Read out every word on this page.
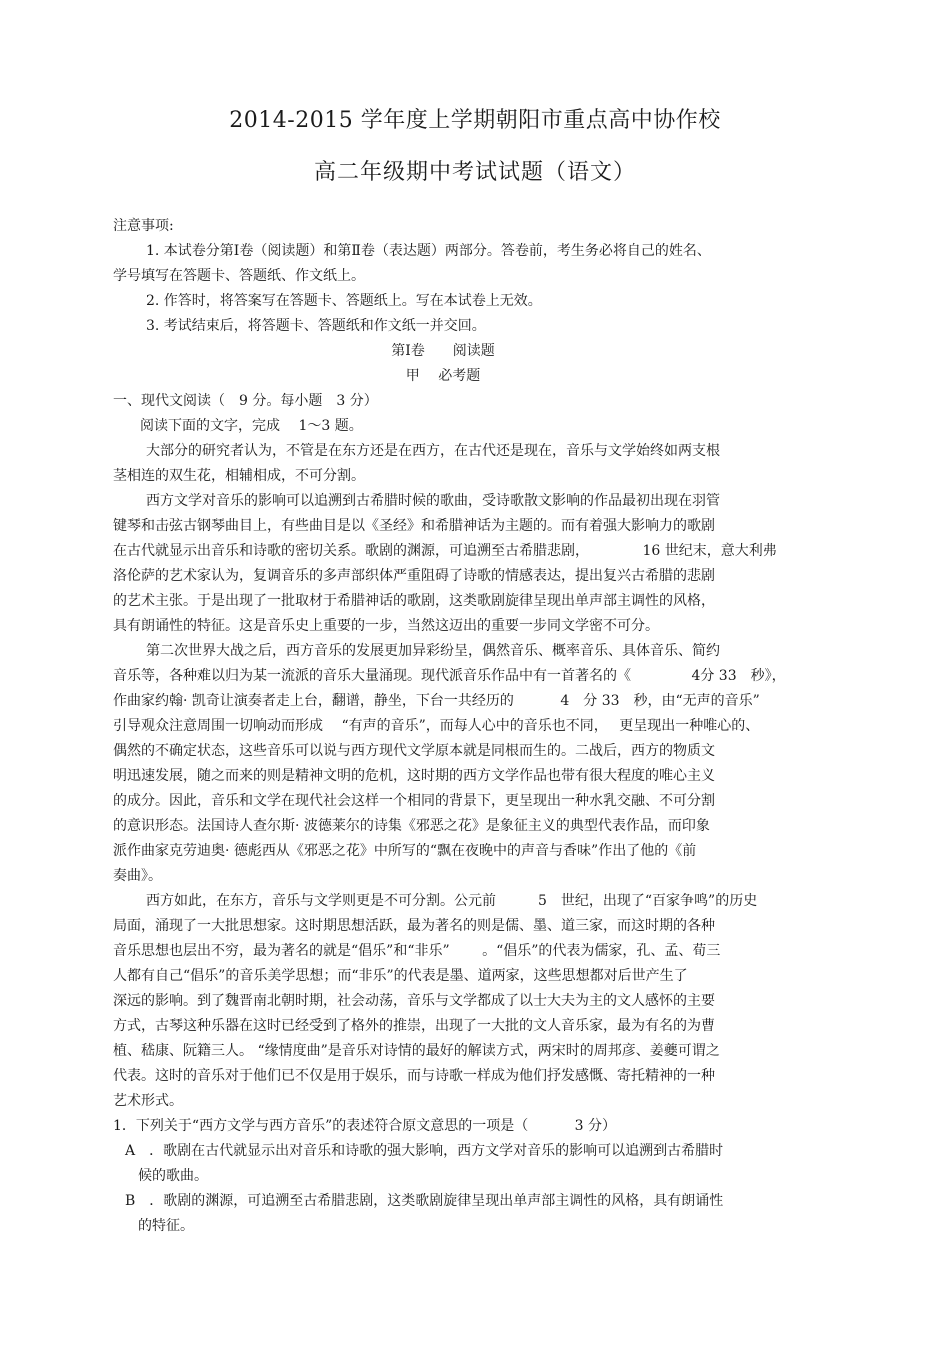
2014-2015 学年度上学期朝阳市重点高中协作校
高二年级期中考试试题（语文）
注意事项:
1. 本试卷分第Ⅰ卷（阅读题）和第Ⅱ卷（表达题）两部分。答卷前，考生务必将自己的姓名、
学号填写在答题卡、答题纸、作文纸上。
2. 作答时，将答案写在答题卡、答题纸上。写在本试卷上无效。
3. 考试结束后，将答题卡、答题纸和作文纸一并交回。
第Ⅰ卷　　阅读题
甲　 必考题
一、现代文阅读（　9 分。每小题　3 分）
阅读下面的文字，完成　 1～3 题。
大部分的研究者认为，不管是在东方还是在西方，在古代还是现在，音乐与文学始终如两支根
茎相连的双生花，相辅相成，不可分割。
西方文学对音乐的影响可以追溯到古希腊时候的歌曲，受诗歌散文影响的作品最初出现在羽管
键琴和击弦古钢琴曲目上，有些曲目是以《圣经》和希腊神话为主题的。而有着强大影响力的歌剧
在古代就显示出音乐和诗歌的密切关系。歌剧的渊源，可追溯至古希腊悲剧，　　　　 16 世纪末，意大利弗
洛伦萨的艺术家认为，复调音乐的多声部织体严重阻碍了诗歌的情感表达，提出复兴古希腊的悲剧
的艺术主张。于是出现了一批取材于希腊神话的歌剧，这类歌剧旋律呈现出单声部主调性的风格，
具有朗诵性的特征。这是音乐史上重要的一步，当然这迈出的重要一步同文学密不可分。
第二次世界大战之后，西方音乐的发展更加异彩纷呈，偶然音乐、概率音乐、具体音乐、简约
音乐等，各种难以归为某一流派的音乐大量涌现。现代派音乐作品中有一首著名的《　　　　 4分 33　秒》，
作曲家约翰· 凯奇让演奏者走上台，翻谱，静坐，下台一共经历的　　　 4　分 33　秒，由“无声的音乐”
引导观众注意周围一切响动而形成　 “有声的音乐”，而每人心中的音乐也不同，　 更呈现出一种唯心的、
偶然的不确定状态，这些音乐可以说与西方现代文学原本就是同根而生的。二战后，西方的物质文
明迅速发展，随之而来的则是精神文明的危机，这时期的西方文学作品也带有很大程度的唯心主义
的成分。因此，音乐和文学在现代社会这样一个相同的背景下，更呈现出一种水乳交融、不可分割
的意识形态。法国诗人查尔斯· 波德莱尔的诗集《邪恶之花》是象征主义的典型代表作品，而印象
派作曲家克劳迪奥· 德彪西从《邪恶之花》中所写的“飘在夜晚中的声音与香味”作出了他的《前
奏曲》。
西方如此，在东方，音乐与文学则更是不可分割。公元前　　　5　世纪，出现了“百家争鸣”的历史
局面，涌现了一大批思想家。这时期思想活跃，最为著名的则是儒、墨、道三家，而这时期的各种
音乐思想也层出不穷，最为著名的就是“倡乐”和“非乐”　　 。“倡乐”的代表为儒家，孔、孟、荀三
人都有自己“倡乐”的音乐美学思想；而“非乐”的代表是墨、道两家，这些思想都对后世产生了
深远的影响。到了魏晋南北朝时期，社会动荡，音乐与文学都成了以士大夫为主的文人感怀的主要
方式，古琴这种乐器在这时已经受到了格外的推崇，出现了一大批的文人音乐家，最为有名的为曹
植、嵇康、阮籍三人。 “缘情度曲”是音乐对诗情的最好的解读方式，两宋时的周邦彦、姜夔可谓之
代表。这时的音乐对于他们已不仅是用于娱乐，而与诗歌一样成为他们抒发感慨、寄托精神的一种
艺术形式。
1．下列关于“西方文学与西方音乐”的表述符合原文意思的一项是（　　　 3 分）
A　．歌剧在古代就显示出对音乐和诗歌的强大影响，西方文学对音乐的影响可以追溯到古希腊时
候的歌曲。
B　．歌剧的渊源，可追溯至古希腊悲剧，这类歌剧旋律呈现出单声部主调性的风格，具有朗诵性
的特征。
